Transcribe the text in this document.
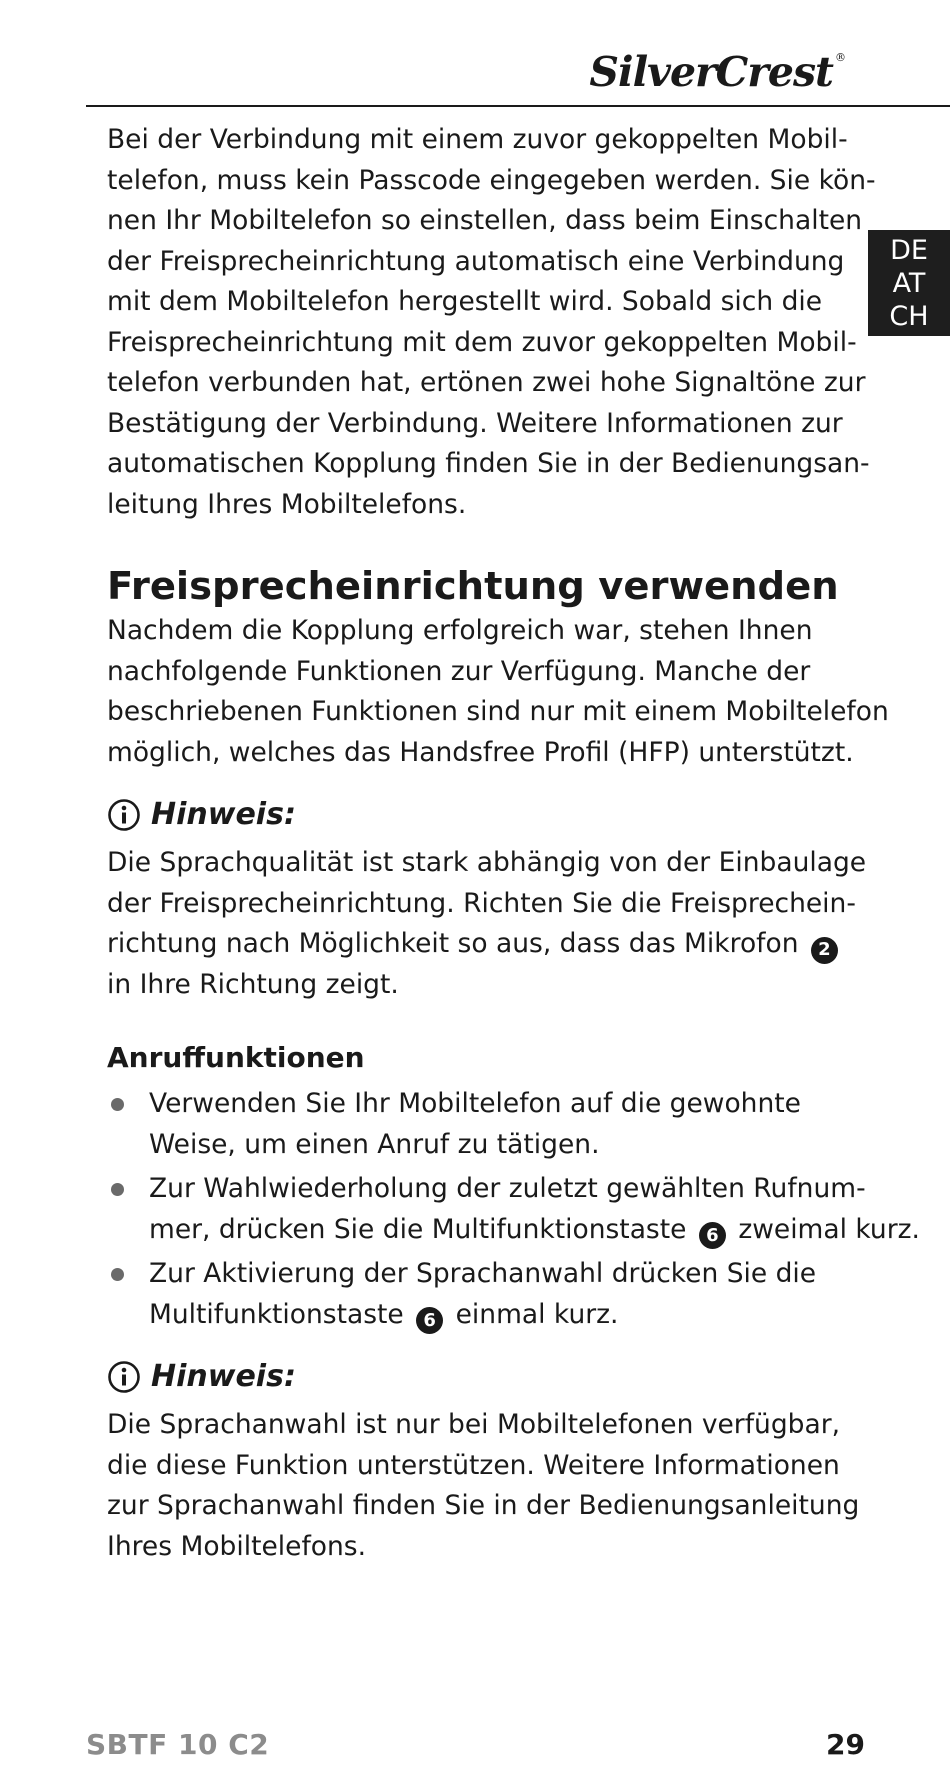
SilverCrest ®
DE
AT
CH

Bei der Verbindung mit einem zuvor gekoppelten Mobil-
telefon, muss kein Passcode eingegeben werden. Sie kön-
nen Ihr Mobiltelefon so einstellen, dass beim Einschalten
der Freisprecheinrichtung automatisch eine Verbindung
mit dem Mobiltelefon hergestellt wird. Sobald sich die
Freisprecheinrichtung mit dem zuvor gekoppelten Mobil-
telefon verbunden hat, ertönen zwei hohe Signaltöne zur
Bestätigung der Verbindung. Weitere Informationen zur
automatischen Kopplung finden Sie in der Bedienungsan-
leitung Ihres Mobiltelefons.

Freisprecheinrichtung verwenden

Nachdem die Kopplung erfolgreich war, stehen Ihnen
nachfolgende Funktionen zur Verfügung. Manche der
beschriebenen Funktionen sind nur mit einem Mobiltelefon
möglich, welches das Handsfree Profil (HFP) unterstützt.

Hinweis:

Die Sprachqualität ist stark abhängig von der Einbaulage
der Freisprecheinrichtung. Richten Sie die Freisprechein-
richtung nach Möglichkeit so aus, dass das Mikrofon 2
in Ihre Richtung zeigt.

Anruffunktionen
Verwenden Sie Ihr Mobiltelefon auf die gewohnte
Weise, um einen Anruf zu tätigen.
Zur Wahlwiederholung der zuletzt gewählten Rufnum-
mer, drücken Sie die Multifunktionstaste 6 zweimal kurz.
Zur Aktivierung der Sprachanwahl drücken Sie die
Multifunktionstaste 6 einmal kurz.
Hinweis:

Die Sprachanwahl ist nur bei Mobiltelefonen verfügbar,
die diese Funktion unterstützen. Weitere Informationen
zur Sprachanwahl finden Sie in der Bedienungsanleitung
Ihres Mobiltelefons.

SBTF 10 C2	29
